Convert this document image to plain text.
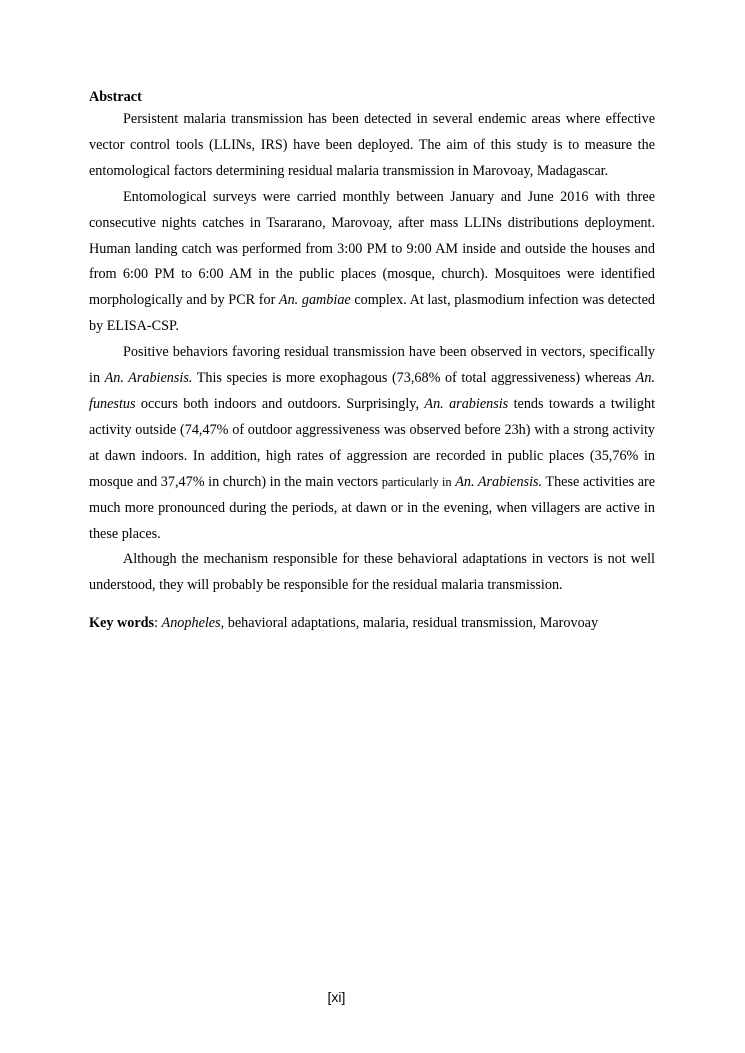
Abstract

Persistent malaria transmission has been detected in several endemic areas where effective vector control tools (LLINs, IRS) have been deployed. The aim of this study is to measure the entomological factors determining residual malaria transmission in Marovoay, Madagascar.

Entomological surveys were carried monthly between January and June 2016 with three consecutive nights catches in Tsararano, Marovoay, after mass LLINs distributions deployment. Human landing catch was performed from 3:00 PM to 9:00 AM inside and outside the houses and from 6:00 PM to 6:00 AM in the public places (mosque, church). Mosquitoes were identified morphologically and by PCR for An. gambiae complex. At last, plasmodium infection was detected by ELISA-CSP.

Positive behaviors favoring residual transmission have been observed in vectors, specifically in An. Arabiensis. This species is more exophagous (73,68% of total aggressiveness) whereas An. funestus occurs both indoors and outdoors. Surprisingly, An. arabiensis tends towards a twilight activity outside (74,47% of outdoor aggressiveness was observed before 23h) with a strong activity at dawn indoors. In addition, high rates of aggression are recorded in public places (35,76% in mosque and 37,47% in church) in the main vectors particularly in An. Arabiensis. These activities are much more pronounced during the periods, at dawn or in the evening, when villagers are active in these places.

Although the mechanism responsible for these behavioral adaptations in vectors is not well understood, they will probably be responsible for the residual malaria transmission.

Key words: Anopheles, behavioral adaptations, malaria, residual transmission, Marovoay

[xi]
